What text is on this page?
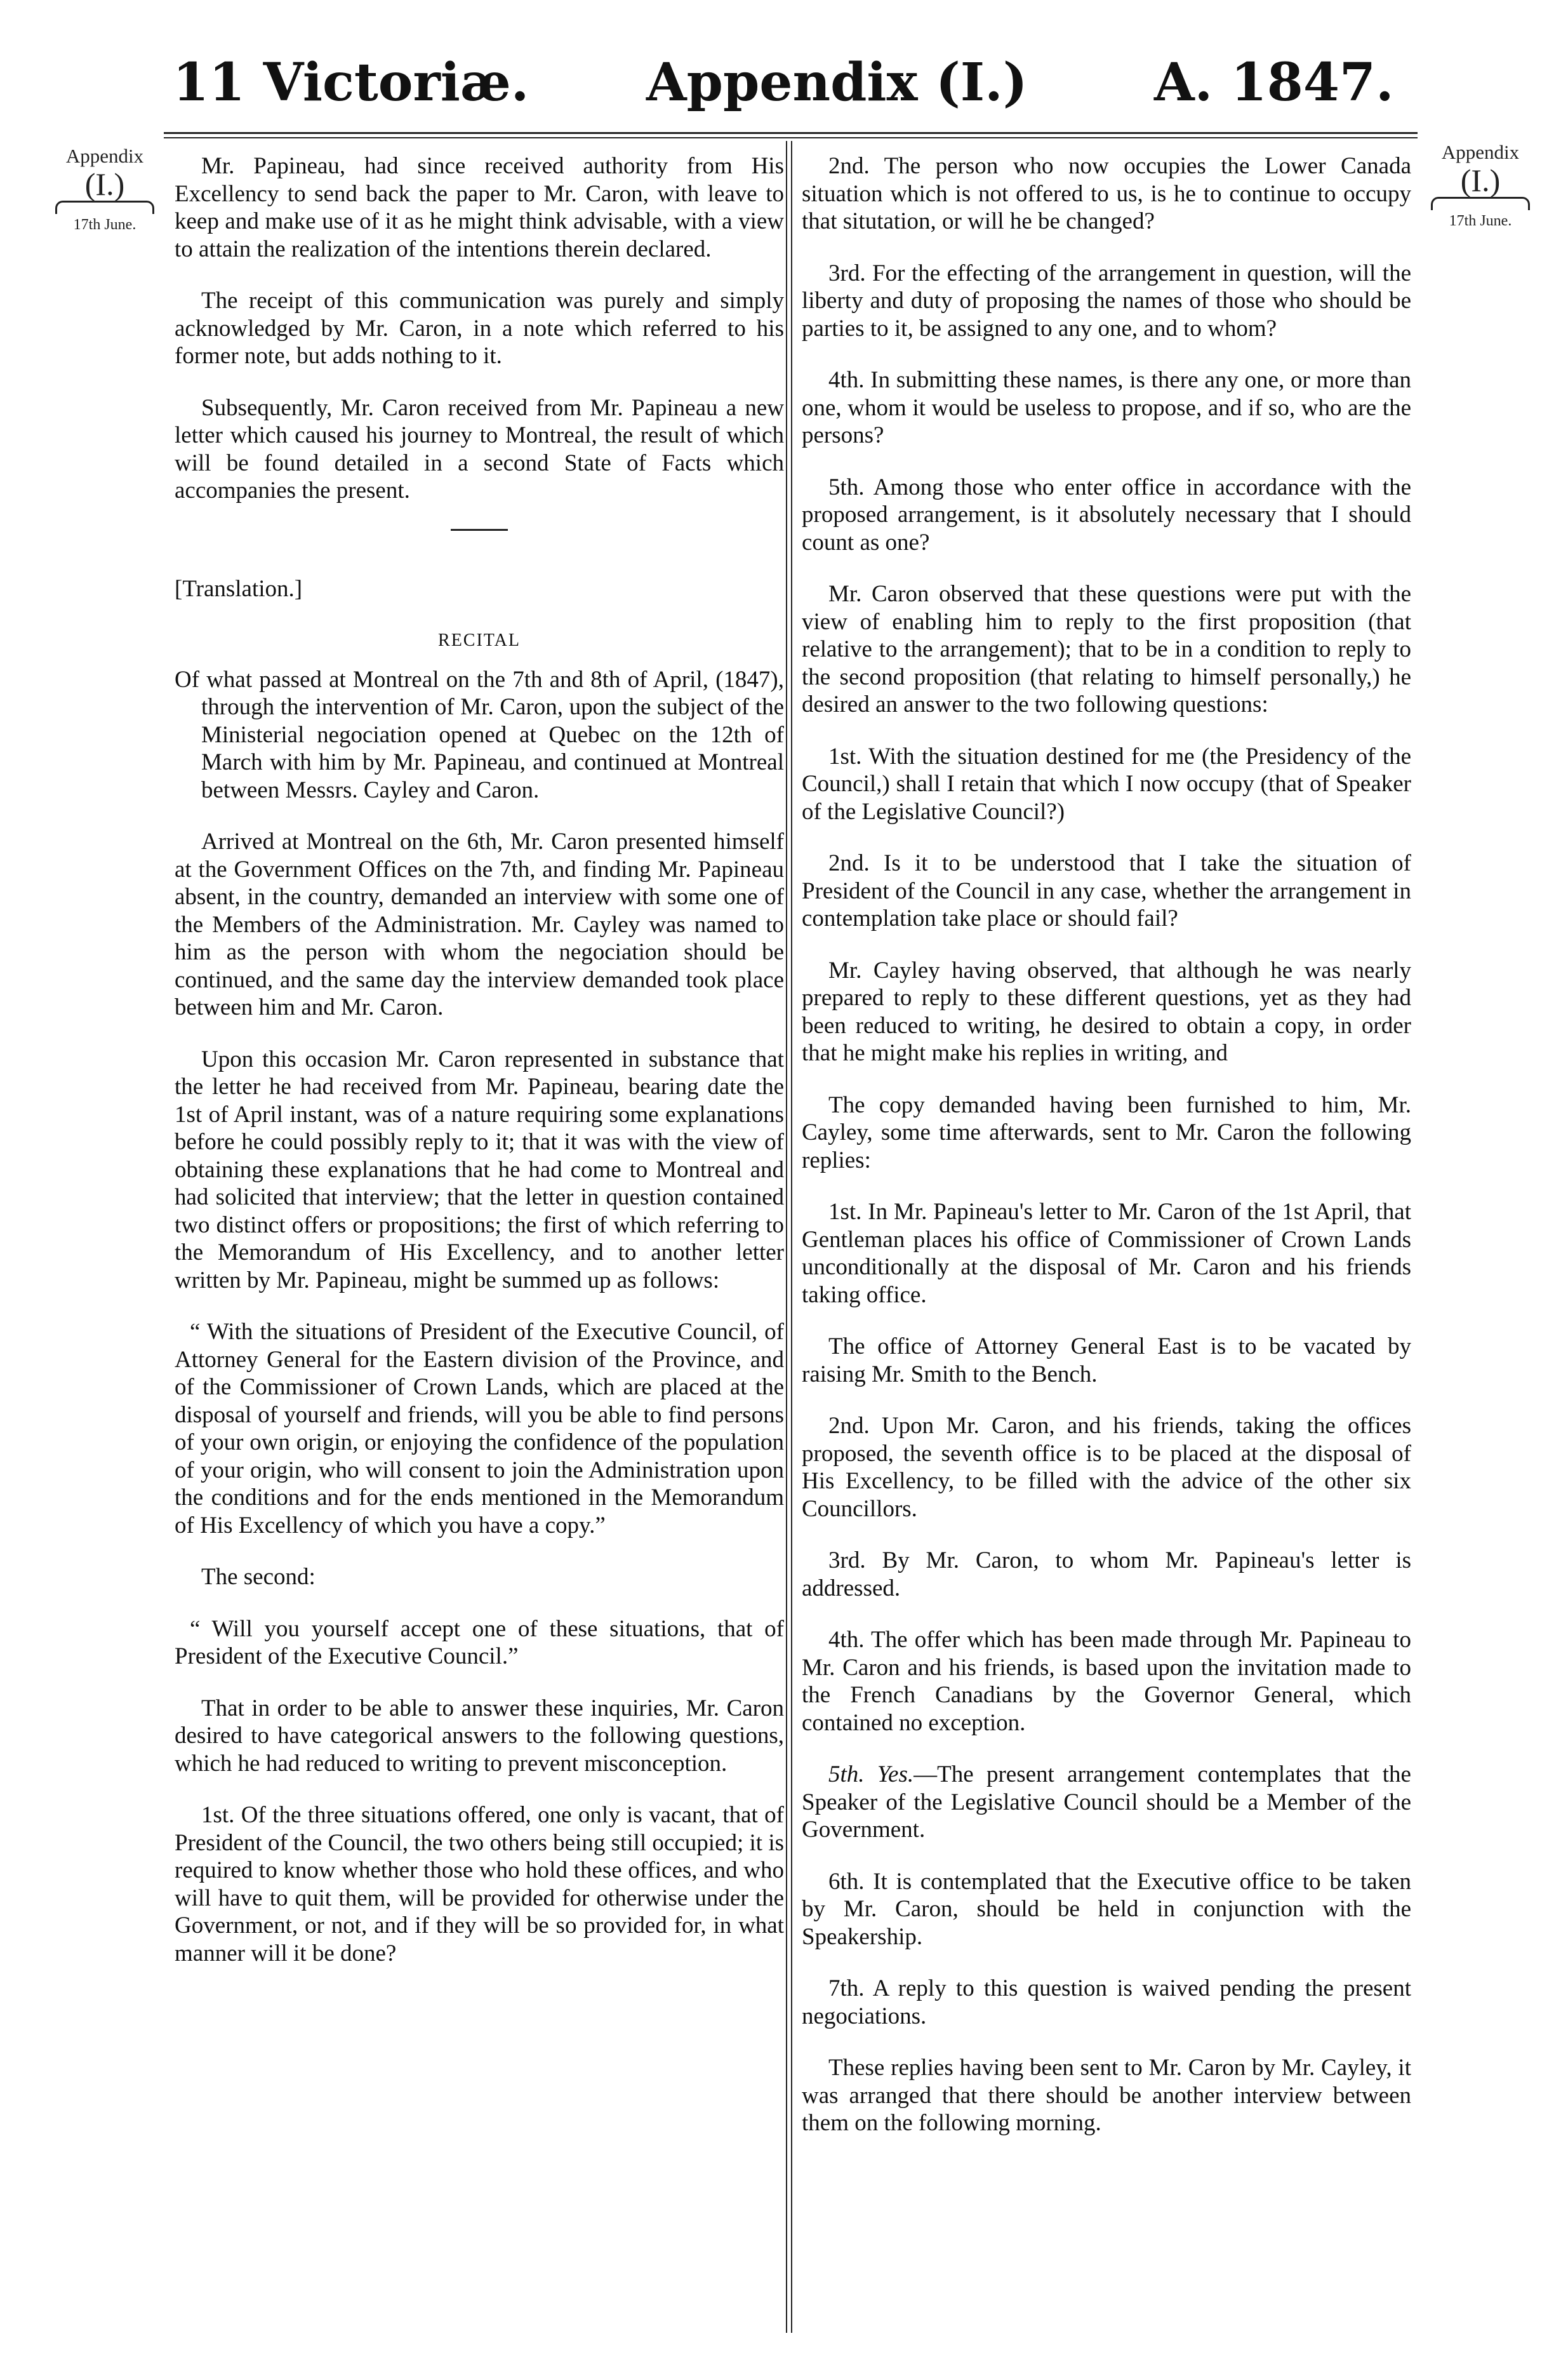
11 Victoriæ. Appendix (I.) A. 1847.
Appendix
(I.)
17th June.
Appendix
(I.)
17th June.

Mr. Papineau, had since received authority from His Excellency to send back the paper to Mr. Caron, with leave to keep and make use of it as he might think advisable, with a view to attain the realization of the intentions therein declared.

The receipt of this communication was purely and simply acknowledged by Mr. Caron, in a note which referred to his former note, but adds nothing to it.

Subsequently, Mr. Caron received from Mr. Papineau a new letter which caused his journey to Montreal, the result of which will be found detailed in a second State of Facts which accompanies the present.

[Translation.]

RECITAL

Of what passed at Montreal on the 7th and 8th of April, (1847), through the intervention of Mr. Caron, upon the subject of the Ministerial negociation opened at Quebec on the 12th of March with him by Mr. Papineau, and continued at Montreal between Messrs. Cayley and Caron.

Arrived at Montreal on the 6th, Mr. Caron presented himself at the Government Offices on the 7th, and finding Mr. Papineau absent, in the country, demanded an interview with some one of the Members of the Administration. Mr. Cayley was named to him as the person with whom the negociation should be continued, and the same day the interview demanded took place between him and Mr. Caron.

Upon this occasion Mr. Caron represented in substance that the letter he had received from Mr. Papineau, bearing date the 1st of April instant, was of a nature requiring some explanations before he could possibly reply to it; that it was with the view of obtaining these explanations that he had come to Montreal and had solicited that interview; that the letter in question contained two distinct offers or propositions; the first of which referring to the Memorandum of His Excellency, and to another letter written by Mr. Papineau, might be summed up as follows:

“ With the situations of President of the Executive Council, of Attorney General for the Eastern division of the Province, and of the Commissioner of Crown Lands, which are placed at the disposal of yourself and friends, will you be able to find persons of your own origin, or enjoying the confidence of the population of your origin, who will consent to join the Administration upon the conditions and for the ends mentioned in the Memorandum of His Excellency of which you have a copy.”

The second:

“ Will you yourself accept one of these situations, that of President of the Executive Council.”

That in order to be able to answer these inquiries, Mr. Caron desired to have categorical answers to the following questions, which he had reduced to writing to prevent misconception.

1st. Of the three situations offered, one only is vacant, that of President of the Council, the two others being still occupied; it is required to know whether those who hold these offices, and who will have to quit them, will be provided for otherwise under the Government, or not, and if they will be so provided for, in what manner will it be done?

2nd. The person who now occupies the Lower Canada situation which is not offered to us, is he to continue to occupy that situtation, or will he be changed?

3rd. For the effecting of the arrangement in question, will the liberty and duty of proposing the names of those who should be parties to it, be assigned to any one, and to whom?

4th. In submitting these names, is there any one, or more than one, whom it would be useless to propose, and if so, who are the persons?

5th. Among those who enter office in accordance with the proposed arrangement, is it absolutely necessary that I should count as one?

Mr. Caron observed that these questions were put with the view of enabling him to reply to the first proposition (that relative to the arrangement); that to be in a condition to reply to the second proposition (that relating to himself personally,) he desired an answer to the two following questions:

1st. With the situation destined for me (the Presidency of the Council,) shall I retain that which I now occupy (that of Speaker of the Legislative Council?)

2nd. Is it to be understood that I take the situation of President of the Council in any case, whether the arrangement in contemplation take place or should fail?

Mr. Cayley having observed, that although he was nearly prepared to reply to these different questions, yet as they had been reduced to writing, he desired to obtain a copy, in order that he might make his replies in writing, and

The copy demanded having been furnished to him, Mr. Cayley, some time afterwards, sent to Mr. Caron the following replies:

1st. In Mr. Papineau's letter to Mr. Caron of the 1st April, that Gentleman places his office of Commissioner of Crown Lands unconditionally at the disposal of Mr. Caron and his friends taking office.

The office of Attorney General East is to be vacated by raising Mr. Smith to the Bench.

2nd. Upon Mr. Caron, and his friends, taking the offices proposed, the seventh office is to be placed at the disposal of His Excellency, to be filled with the advice of the other six Councillors.

3rd. By Mr. Caron, to whom Mr. Papineau's letter is addressed.

4th. The offer which has been made through Mr. Papineau to Mr. Caron and his friends, is based upon the invitation made to the French Canadians by the Governor General, which contained no exception.

5th. Yes.—The present arrangement contemplates that the Speaker of the Legislative Council should be a Member of the Government.

6th. It is contemplated that the Executive office to be taken by Mr. Caron, should be held in conjunction with the Speakership.

7th. A reply to this question is waived pending the present negociations.

These replies having been sent to Mr. Caron by Mr. Cayley, it was arranged that there should be another interview between them on the following morning.
